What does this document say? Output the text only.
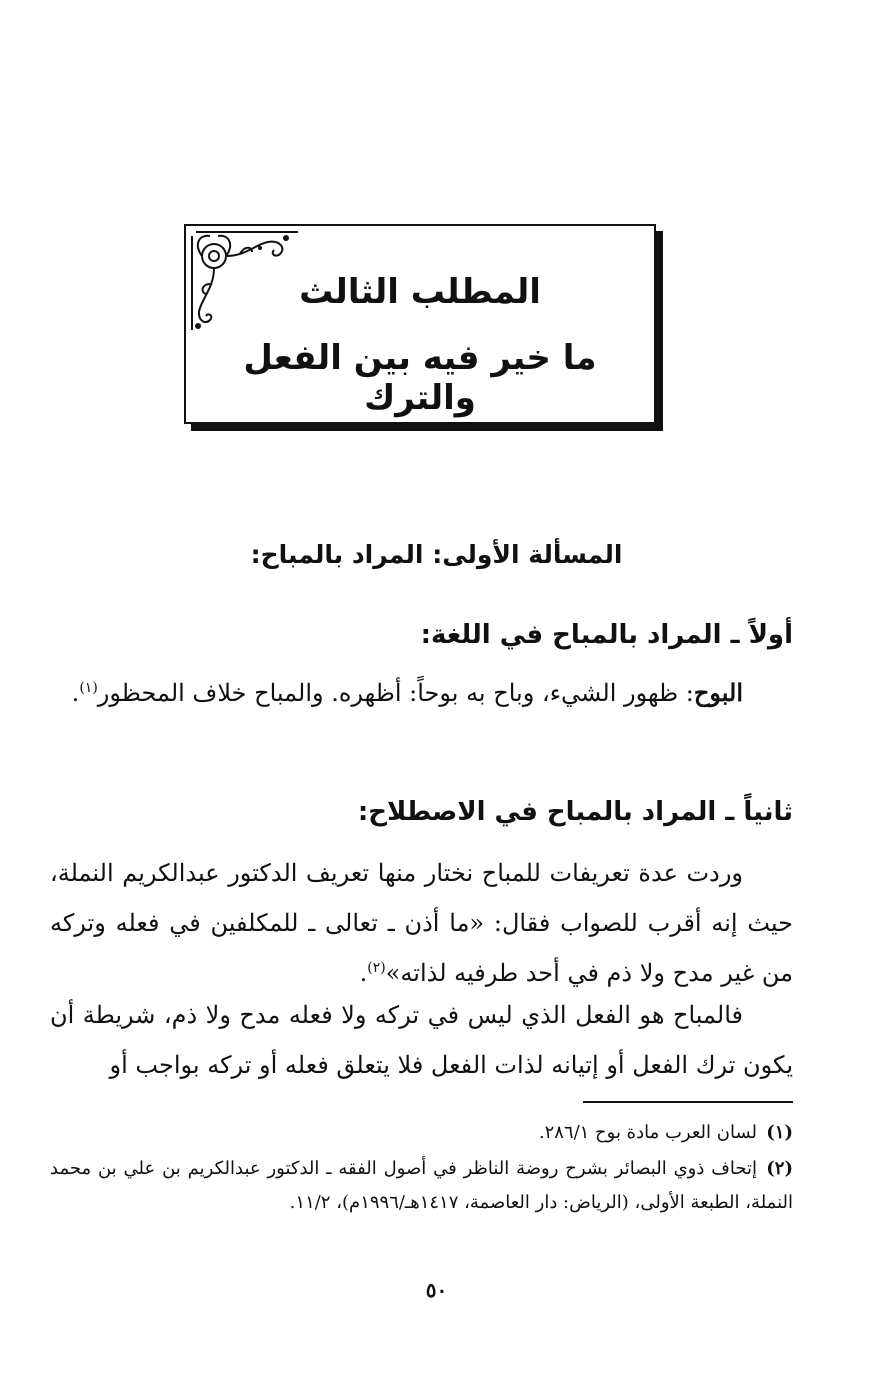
المطلب الثالث
ما خير فيه بين الفعل والترك
المسألة الأولى: المراد بالمباح:
أولاً ـ المراد بالمباح في اللغة:
البوح: ظهور الشيء، وباح به بوحاً: أظهره. والمباح خلاف المحظور$^{(١)}$.
ثانياً ـ المراد بالمباح في الاصطلاح:
وردت عدة تعريفات للمباح نختار منها تعريف الدكتور عبدالكريم النملة، حيث إنه أقرب للصواب فقال: «ما أذن ـ تعالى ـ للمكلفين في فعله وتركه من غير مدح ولا ذم في أحد طرفيه لذاته»$^{(٢)}$.
فالمباح هو الفعل الذي ليس في تركه ولا فعله مدح ولا ذم، شريطة أن يكون ترك الفعل أو إتيانه لذات الفعل فلا يتعلق فعله أو تركه بواجب أو
(١)لسان العرب مادة بوح ٢٨٦/١.
(٢)إتحاف ذوي البصائر بشرح روضة الناظر في أصول الفقه ـ الدكتور عبدالكريم بن علي بن محمد النملة، الطبعة الأولى، (الرياض: دار العاصمة، ١٤١٧هـ/١٩٩٦م)، ١١/٢.
٥٠
